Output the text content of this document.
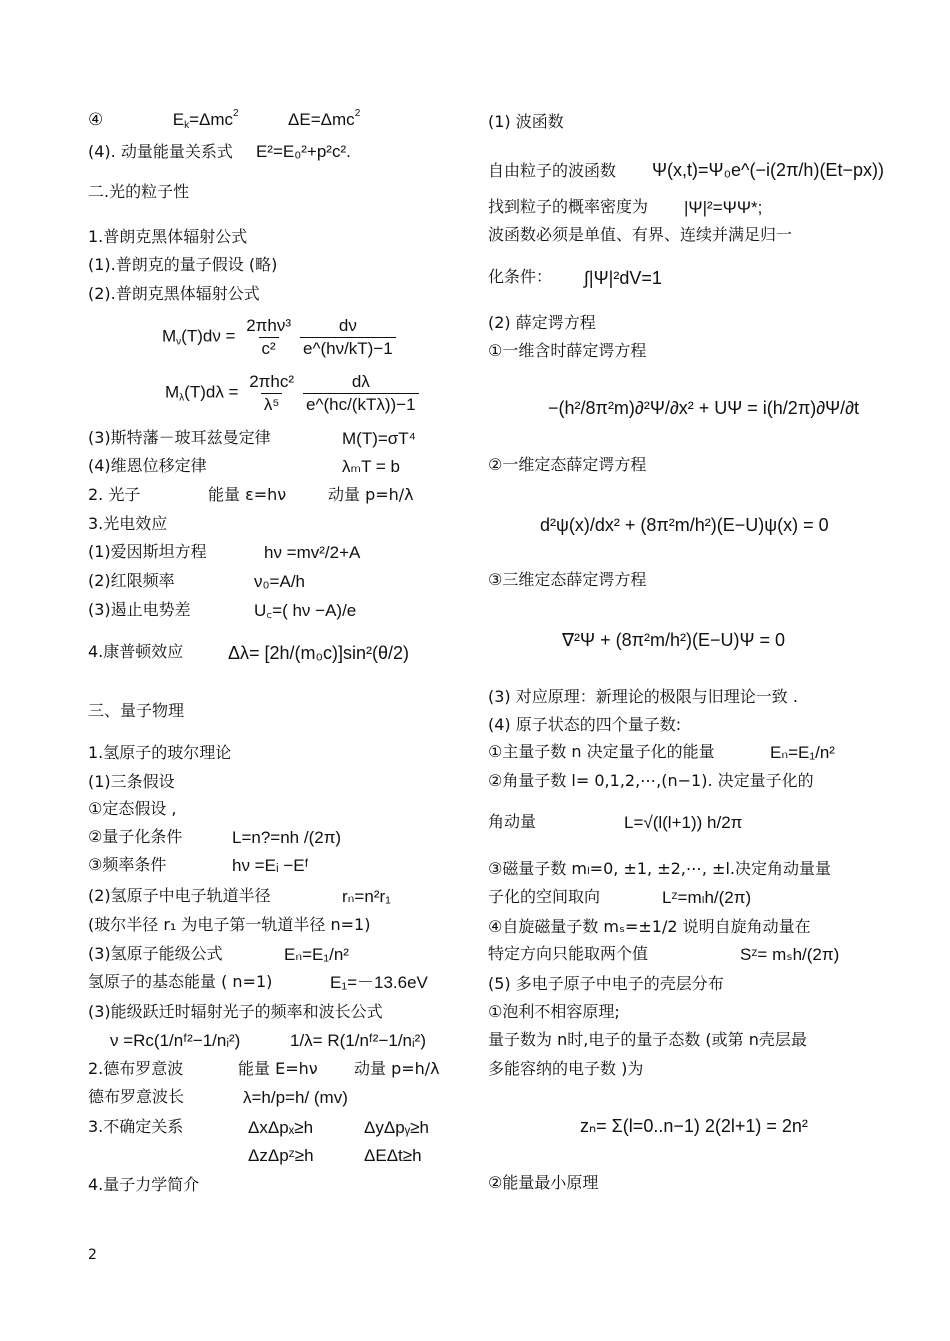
④	$E_k=\Delta mc^2$	ΔE=Δmc$^2$
(4). 动量能量关系式 E²=E₀²+p²c².
二.光的粒子性
1.普朗克黑体辐射公式
(1).普朗克的量子假设 (略)
(2).普朗克黑体辐射公式
$M_\nu(T)d\nu = \frac{\text{2πhν³}}{\text{c²}} \frac{d\nu}{e\^{}(h\nu/kT)-1}$
$M_\lambda(T)d\lambda = \frac{\text{2πhc²}}{\text{λ⁵}} \frac{d\lambda}{\text{e\textasciicircum{}(hc/(kTλ))−1}}$
(3)斯特藩－玻耳兹曼定律	M(T)=σT⁴
(4)维恩位移定律	λₘT = b
2. 光子	能量 ε=hν	动量 p=h/λ
3.光电效应
(1)爱因斯坦方程	hν =mv²/2+A
(2)红限频率	ν₀=A/h
(3)遏止电势差	U꜀=( hν −A)/e
4.康普顿效应 Δλ= [2h/(m₀c)]sin²(θ/2)
三、量子物理
1.氢原子的玻尔理论
(1)三条假设
①定态假设 ,
②量子化条件	L=n?=nh /(2π)
③频率条件	hν =Eᵢ −Eᶠ
(2)氢原子中电子轨道半径	rₙ=n²r₁
(玻尔半径 r₁ 为电子第一轨道半径 n=1)
(3)氢原子能级公式	Eₙ=E₁/n²
氢原子的基态能量 ( n=1)	E₁=－13.6eV
(3)能级跃迁时辐射光子的频率和波长公式
ν =Rc(1/nᶠ²−1/nᵢ²)	1/λ= R(1/nᶠ²−1/nᵢ²)
2.德布罗意波	能量 E=hν 动量 p=h/λ
德布罗意波长	λ=h/p=h/ (mv)
3.不确定关系	ΔxΔpₓ≥h	ΔyΔpᵧ≥h
ΔzΔpᶻ≥h	ΔEΔt≥h
4.量子力学简介
2
(1) 波函数
自由粒子的波函数 Ψ(x,t)=Ψ₀e^(−i(2π/h)(Et−px))
找到粒子的概率密度为 |Ψ|²=ΨΨ*;
波函数必须是单值、有界、连续并满足归一
化条件： ∫|Ψ|²dV=1
(2) 薛定谔方程
①一维含时薛定谔方程
−(h²/8π²m)∂²Ψ/∂x² + UΨ = i(h/2π)∂Ψ/∂t
②一维定态薛定谔方程
d²ψ(x)/dx² + (8π²m/h²)(E−U)ψ(x) = 0
③三维定态薛定谔方程
∇²Ψ + (8π²m/h²)(E−U)Ψ = 0
(3) 对应原理：新理论的极限与旧理论一致 .
(4) 原子状态的四个量子数:
①主量子数 n 决定量子化的能量	Eₙ=E₁/n²
②角量子数 l= 0,1,2,⋯,(n−1). 决定量子化的
角动量	L=√(l(l+1)) h/2π
③磁量子数 mₗ=0, ±1, ±2,⋯, ±l.决定角动量量
子化的空间取向	Lᶻ=mₗh/(2π)
④自旋磁量子数 mₛ=±1/2 说明自旋角动量在
特定方向只能取两个值	Sᶻ= mₛh/(2π)
(5) 多电子原子中电子的壳层分布
①泡利不相容原理;
量子数为 n时,电子的量子态数 (或第 n壳层最
多能容纳的电子数 )为
zₙ= Σ(l=0..n−1) 2(2l+1) = 2n²
②能量最小原理
